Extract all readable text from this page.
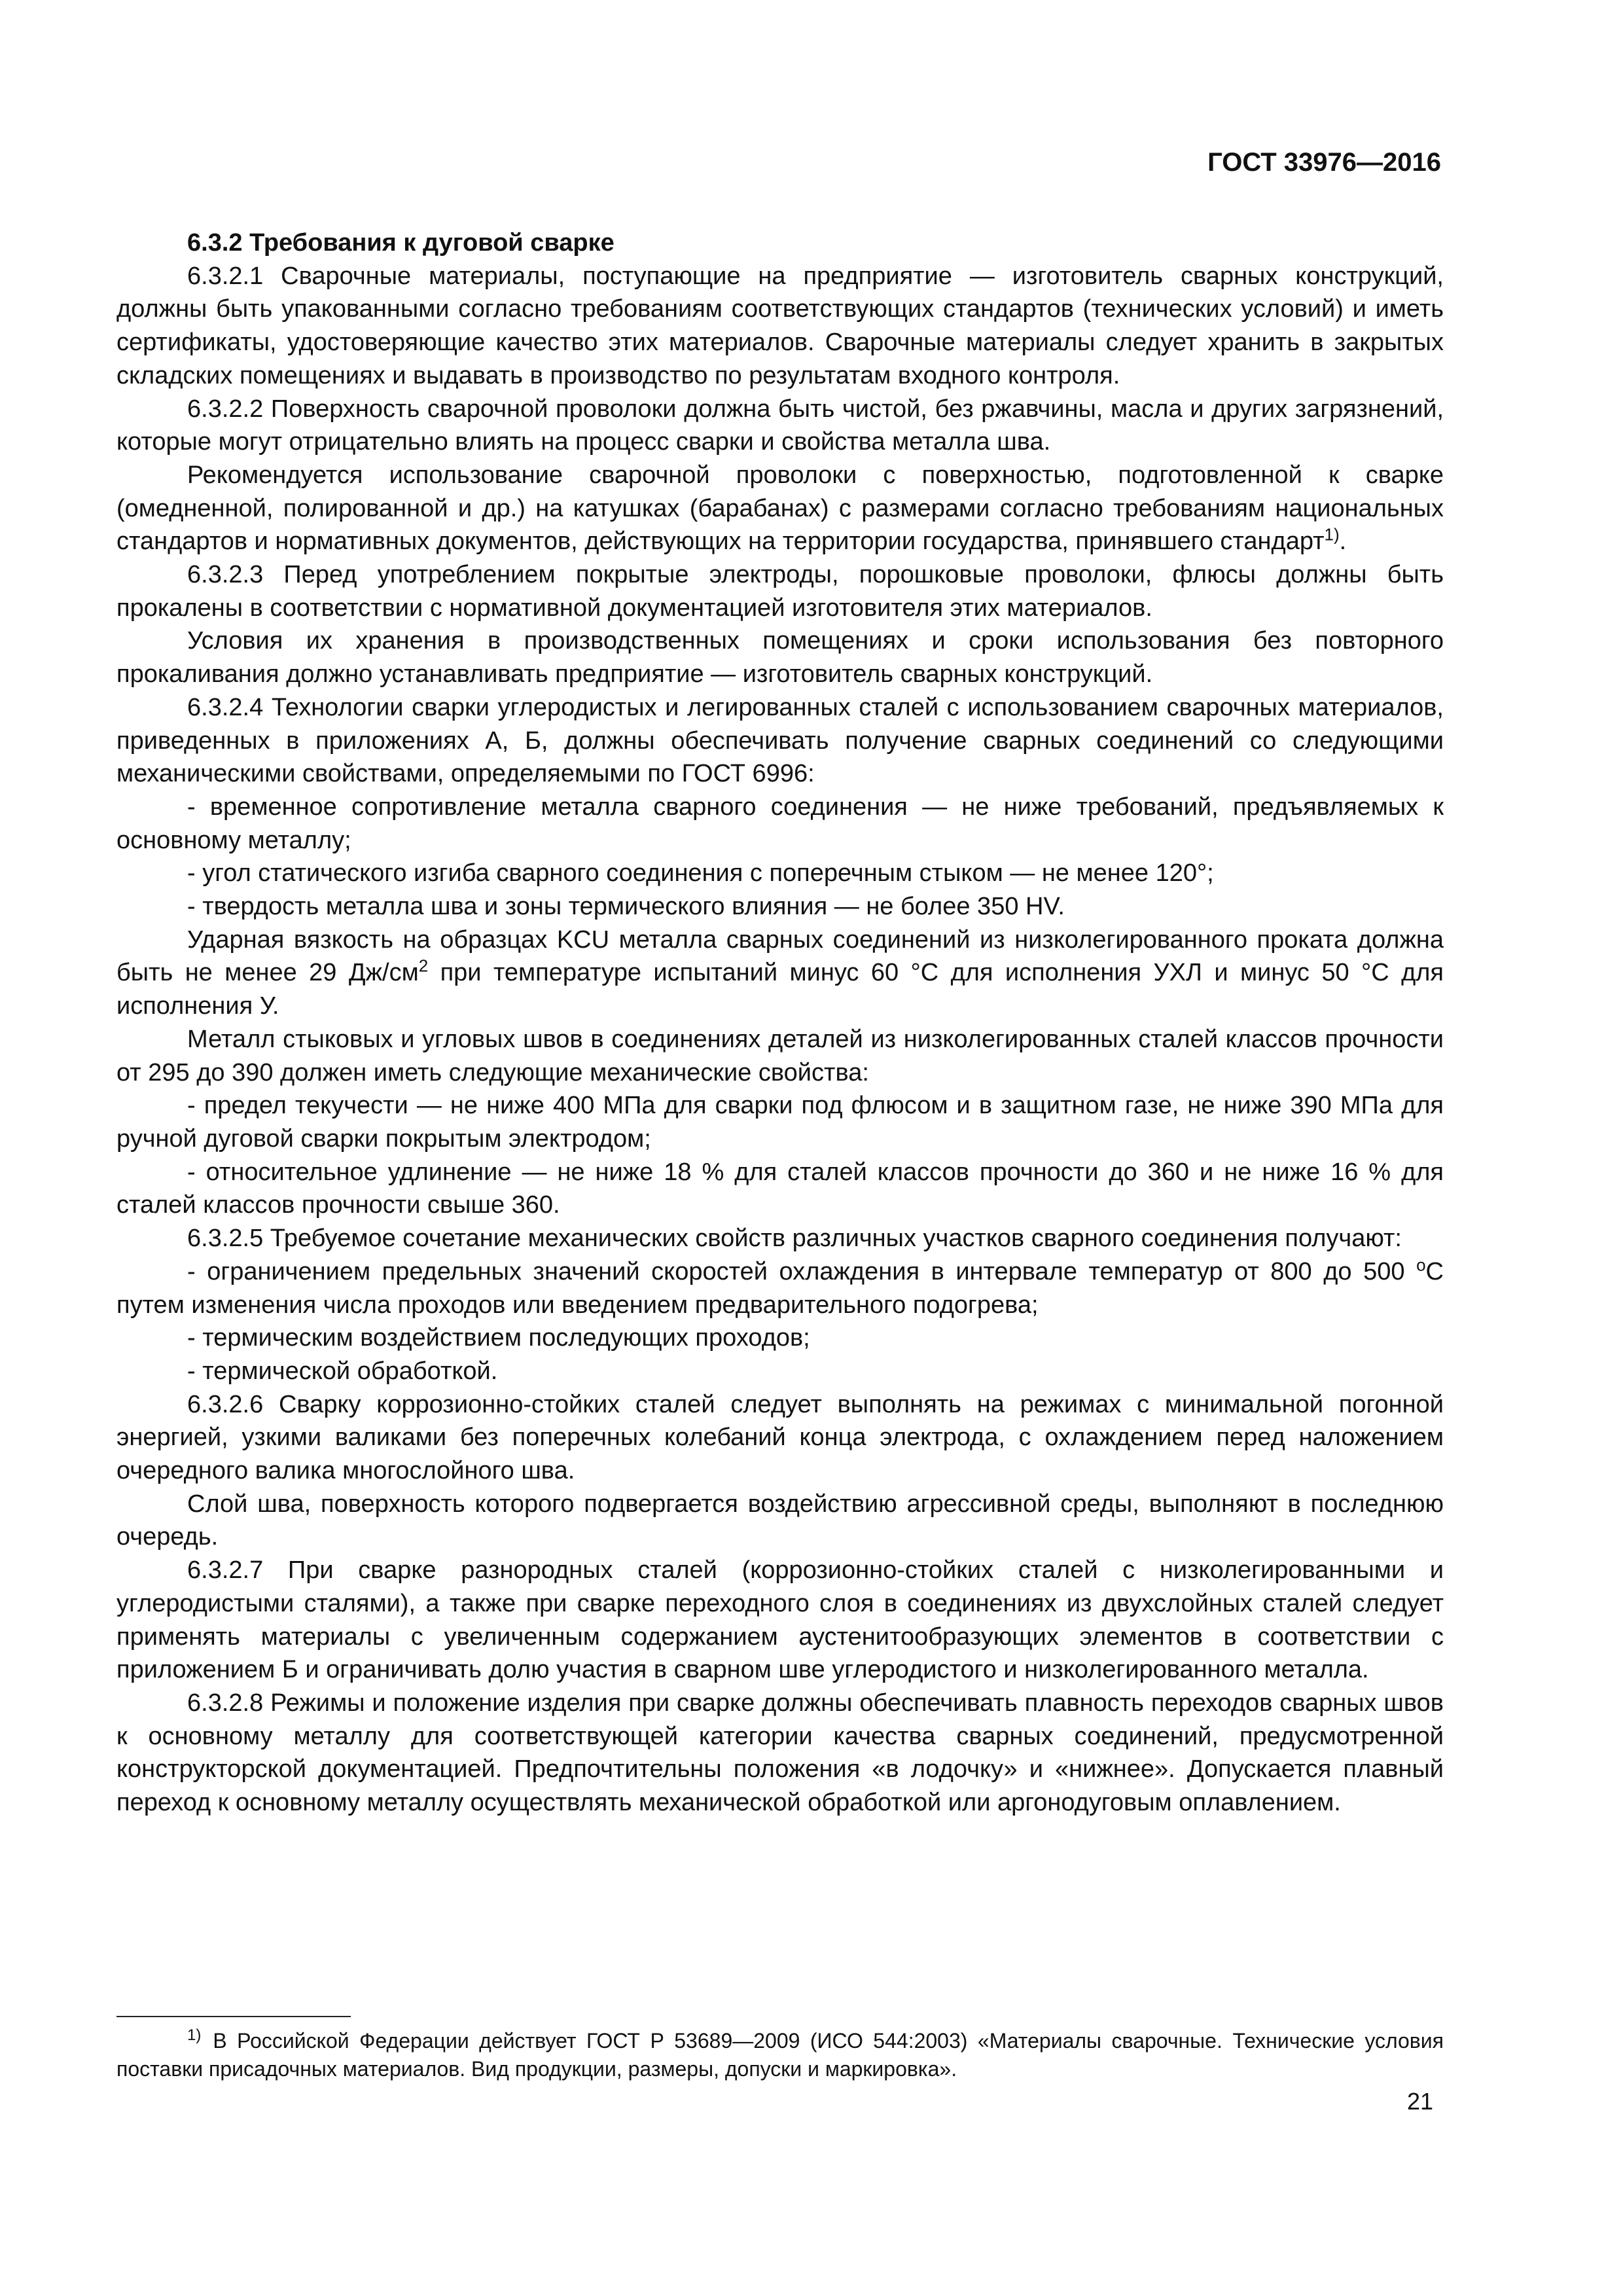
ГОСТ 33976—2016

6.3.2 Требования к дуговой сварке

6.3.2.1 Сварочные материалы, поступающие на предприятие — изготовитель сварных конструкций, должны быть упакованными согласно требованиям соответствующих стандартов (технических условий) и иметь сертификаты, удостоверяющие качество этих материалов. Сварочные материалы следует хранить в закрытых складских помещениях и выдавать в производство по результатам входного контроля.

6.3.2.2 Поверхность сварочной проволоки должна быть чистой, без ржавчины, масла и других загрязнений, которые могут отрицательно влиять на процесс сварки и свойства металла шва.

Рекомендуется использование сварочной проволоки с поверхностью, подготовленной к сварке (омедненной, полированной и др.) на катушках (барабанах) с размерами согласно требованиям национальных стандартов и нормативных документов, действующих на территории государства, принявшего стандарт$^{1)}$.

6.3.2.3 Перед употреблением покрытые электроды, порошковые проволоки, флюсы должны быть прокалены в соответствии с нормативной документацией изготовителя этих материалов.

Условия их хранения в производственных помещениях и сроки использования без повторного прокаливания должно устанавливать предприятие — изготовитель сварных конструкций.

6.3.2.4 Технологии сварки углеродистых и легированных сталей с использованием сварочных материалов, приведенных в приложениях А, Б, должны обеспечивать получение сварных соединений со следующими механическими свойствами, определяемыми по ГОСТ 6996:

- временное сопротивление металла сварного соединения — не ниже требований, предъявляемых к основному металлу;

- угол статического изгиба сварного соединения с поперечным стыком — не менее 120°;

- твердость металла шва и зоны термического влияния — не более 350 HV.

Ударная вязкость на образцах KCU металла сварных соединений из низколегированного проката должна быть не менее 29 $Дж/см^2$ при температуре испытаний минус 60 °С для исполнения УХЛ и минус 50 °С для исполнения У.

Металл стыковых и угловых швов в соединениях деталей из низколегированных сталей классов прочности от 295 до 390 должен иметь следующие механические свойства:

- предел текучести — не ниже 400 МПа для сварки под флюсом и в защитном газе, не ниже 390 МПа для ручной дуговой сварки покрытым электродом;

- относительное удлинение — не ниже 18 % для сталей классов прочности до 360 и не ниже 16 % для сталей классов прочности свыше 360.

6.3.2.5 Требуемое сочетание механических свойств различных участков сварного соединения получают:

- ограничением предельных значений скоростей охлаждения в интервале температур от 800 до 500 $^о$С путем изменения числа проходов или введением предварительного подогрева;

- термическим воздействием последующих проходов;

- термической обработкой.

6.3.2.6 Сварку коррозионно-стойких сталей следует выполнять на режимах с минимальной погонной энергией, узкими валиками без поперечных колебаний конца электрода, с охлаждением перед наложением очередного валика многослойного шва.

Слой шва, поверхность которого подвергается воздействию агрессивной среды, выполняют в последнюю очередь.

6.3.2.7 При сварке разнородных сталей (коррозионно-стойких сталей с низколегированными и углеродистыми сталями), а также при сварке переходного слоя в соединениях из двухслойных сталей следует применять материалы с увеличенным содержанием аустенитообразующих элементов в соответствии с приложением Б и ограничивать долю участия в сварном шве углеродистого и низколегированного металла.

6.3.2.8 Режимы и положение изделия при сварке должны обеспечивать плавность переходов сварных швов к основному металлу для соответствующей категории качества сварных соединений, предусмотренной конструкторской документацией. Предпочтительны положения «в лодочку» и «нижнее». Допускается плавный переход к основному металлу осуществлять механической обработкой или аргонодуговым оплавлением.

$^{1)}$ В Российской Федерации действует ГОСТ Р 53689—2009 (ИСО 544:2003) «Материалы сварочные. Технические условия поставки присадочных материалов. Вид продукции, размеры, допуски и маркировка».
21
